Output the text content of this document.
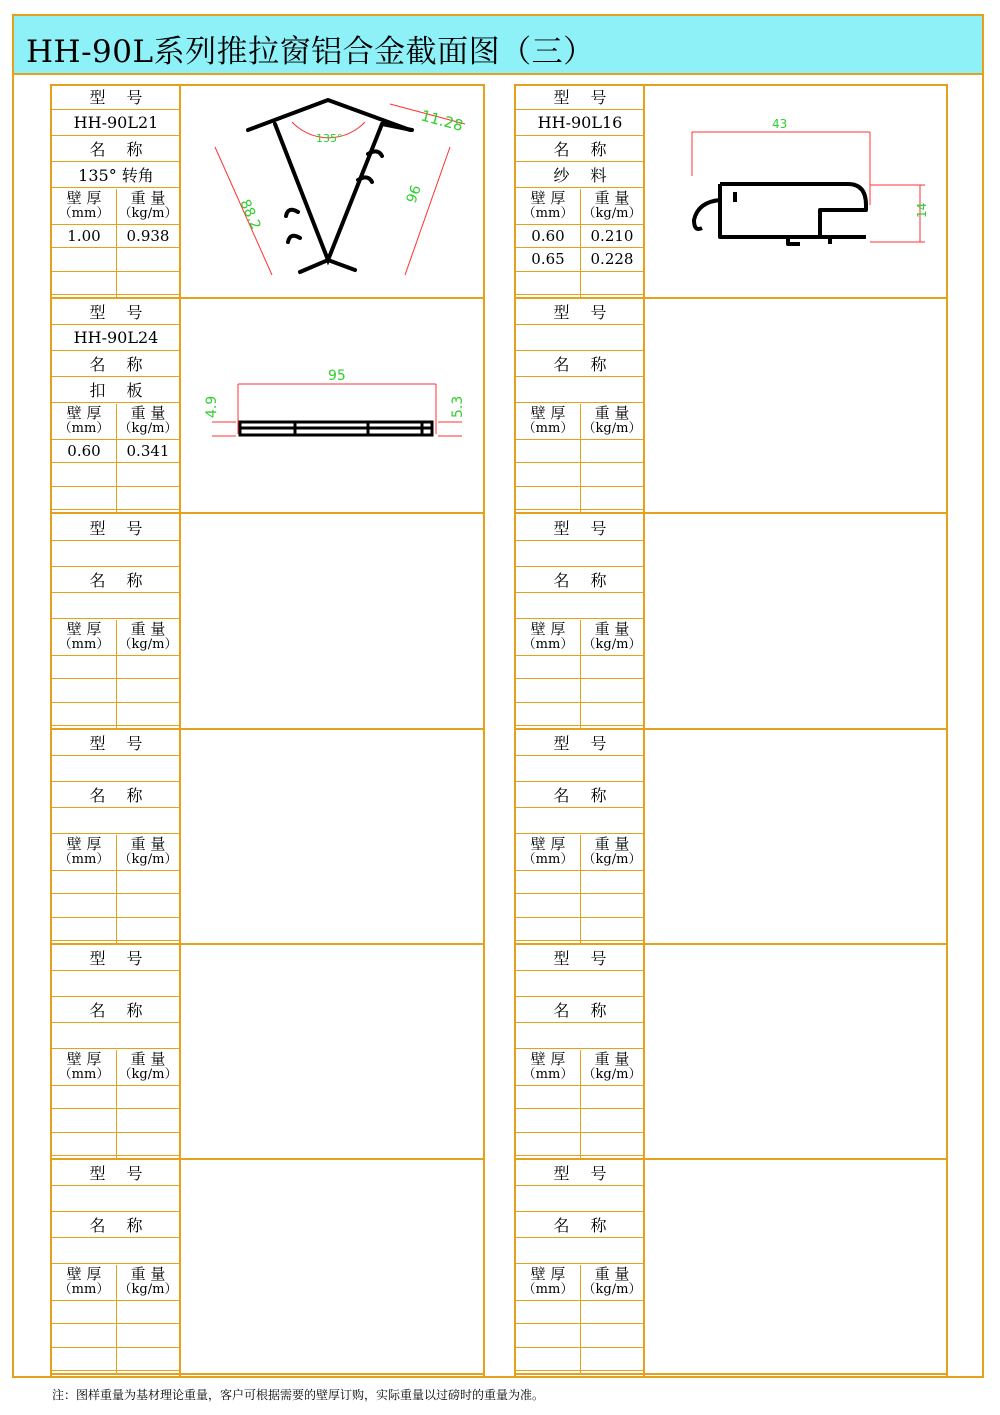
HH-90L系列推拉窗铝合金截面图（三）
型　 号
HH-90L21
名　 称
135° 转角
壁 厚
（mm）
重 量
（kg/m）
1.00	0.938
型　 号
HH-90L24
名　 称
扣　 板
壁 厚
（mm）
重 量
（kg/m）
0.60	0.341
型　 号
名　 称
壁 厚
（mm）
重 量
（kg/m）
型　 号
名　 称
壁 厚
（mm）
重 量
（kg/m）
型　 号
名　 称
壁 厚
（mm）
重 量
（kg/m）
型　 号
名　 称
壁 厚
（mm）
重 量
（kg/m）
型　 号
HH-90L16
名　 称
纱　 料
壁 厚
（mm）
重 量
（kg/m）
0.60	0.210
0.65	0.228
型　 号
名　 称
壁 厚
（mm）
重 量
（kg/m）
型　 号
名　 称
壁 厚
（mm）
重 量
（kg/m）
型　 号
名　 称
壁 厚
（mm）
重 量
（kg/m）
型　 号
名　 称
壁 厚
（mm）
重 量
（kg/m）
型　 号
名　 称
壁 厚
（mm）
重 量
（kg/m）
135°
11.28
88.2
96
43
14
95
4.9	5.3
注：图样重量为基材理论重量，客户可根据需要的壁厚订购，实际重量以过磅时的重量为准。
